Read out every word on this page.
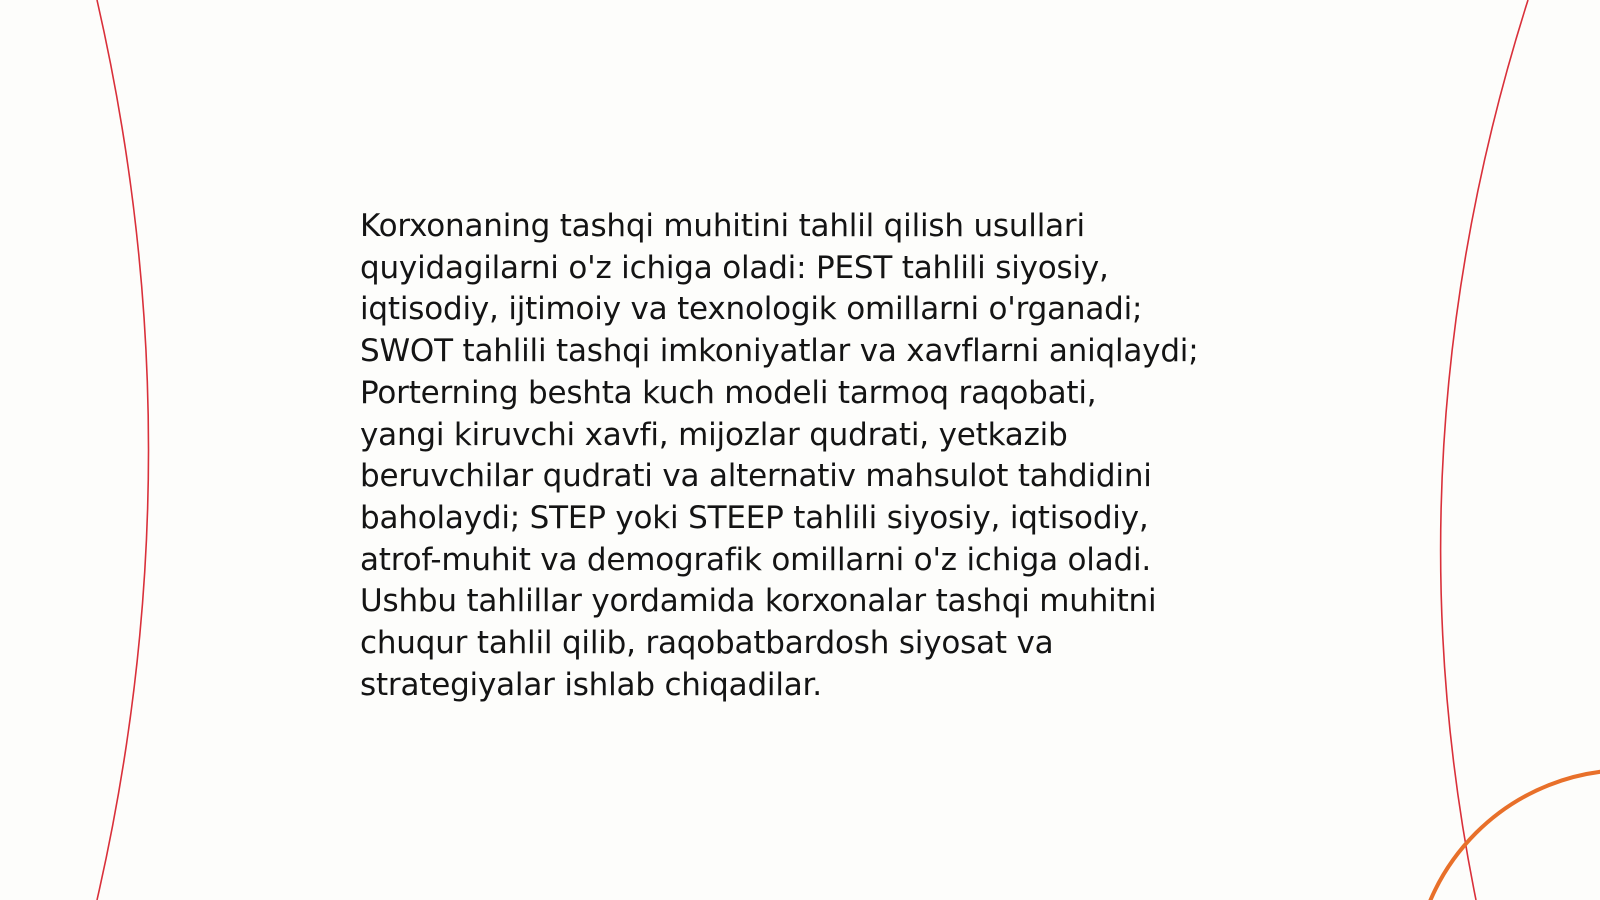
Korxonaning tashqi muhitini tahlil qilish usullari
quyidagilarni o'z ichiga oladi: PEST tahlili siyosiy,
iqtisodiy, ijtimoiy va texnologik omillarni o'rganadi;
SWOT tahlili tashqi imkoniyatlar va xavflarni aniqlaydi;
Porterning beshta kuch modeli tarmoq raqobati,
yangi kiruvchi xavfi, mijozlar qudrati, yetkazib
beruvchilar qudrati va alternativ mahsulot tahdidini
baholaydi; STEP yoki STEEP tahlili siyosiy, iqtisodiy,
atrof-muhit va demografik omillarni o'z ichiga oladi.
Ushbu tahlillar yordamida korxonalar tashqi muhitni
chuqur tahlil qilib, raqobatbardosh siyosat va
strategiyalar ishlab chiqadilar.
